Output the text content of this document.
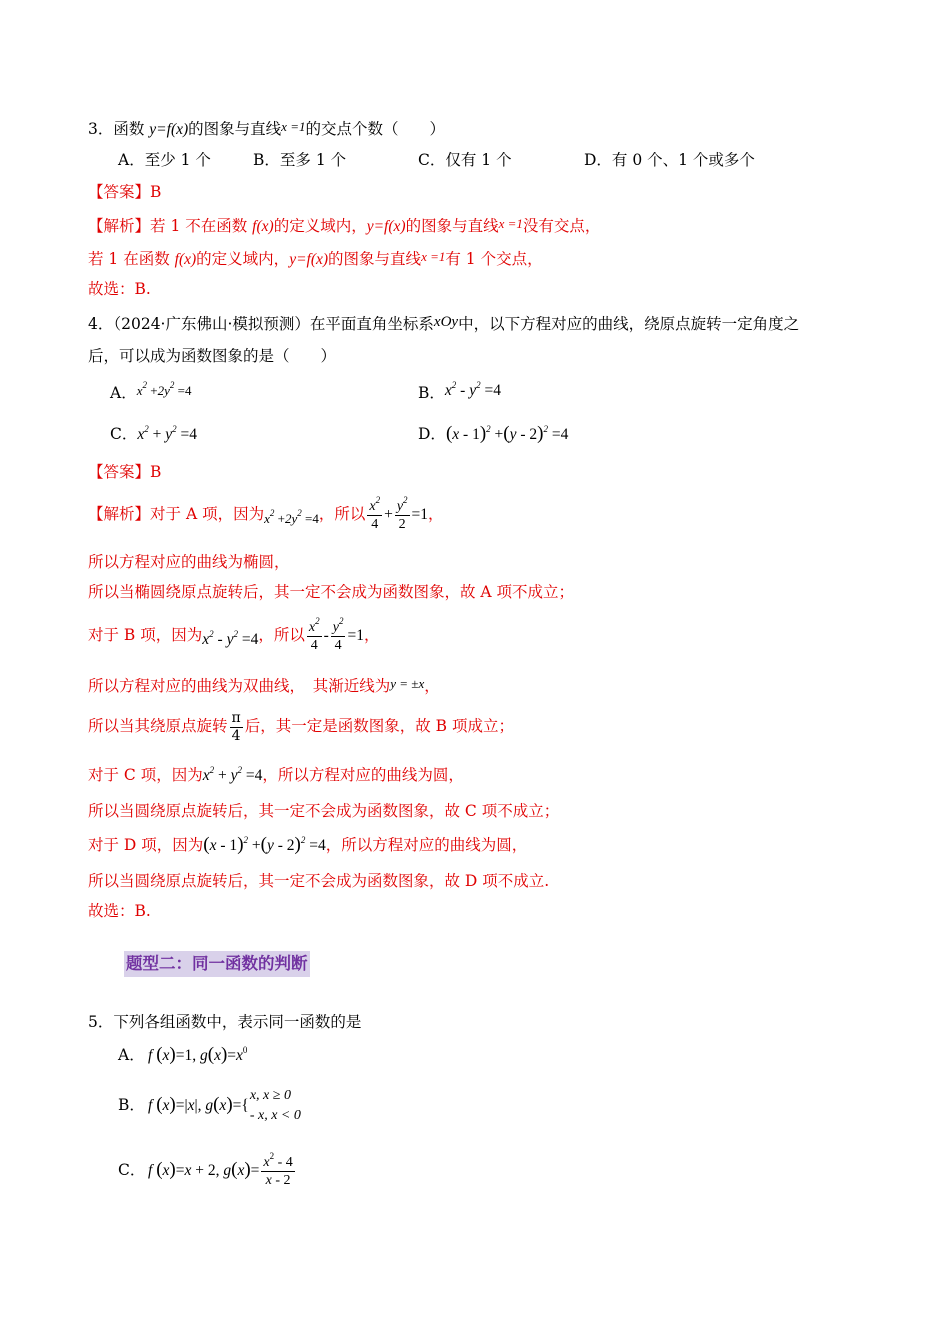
3．函数 y=f(x)的图象与直线x =1的交点个数（　　）
A．至少 1 个	B．至多 1 个	C．仅有 1 个	D．有 0 个、1 个或多个
【答案】B
【解析】若 1 不在函数 f(x)的定义域内，y=f(x)的图象与直线x =1没有交点，
若 1 在函数 f(x)的定义域内，y=f(x)的图象与直线x =1有 1 个交点，
故选：B.
4．（2024·广东佛山·模拟预测）在平面直角坐标系xOy中，以下方程对应的曲线，绕原点旋转一定角度之
后，可以成为函数图象的是（　　）
A．$x^2 +2y^2 =4$	B．$x^2 - y^2 =4$
C．$x^2 + y^2 =4$	D．(x - 1)$^2$ +(y - 2)$^2$ =4
【答案】B
【解析】对于 A 项，因为$_{x^2 +2y^2 =4}$，所以 $\frac{x^2}{4} + \frac{y^2}{2} =1$，
所以方程对应的曲线为椭圆，
所以当椭圆绕原点旋转后，其一定不会成为函数图象，故 A 项不成立；
对于 B 项，因为$x^2 - y^2 =4$，所以 $\frac{x^2}{4} - \frac{y^2}{4} =1$，
所以方程对应的曲线为双曲线，　其渐近线为y = ±x，
所以当其绕原点旋转 $\frac{\pi}{4}$ 后，其一定是函数图象，故 B 项成立；
对于 C 项，因为$x^2 + y^2 =4$，所以方程对应的曲线为圆，
所以当圆绕原点旋转后，其一定不会成为函数图象，故 C 项不成立；
对于 D 项，因为(x - 1)$^2$ +(y - 2)$^2$ =4，所以方程对应的曲线为圆，
所以当圆绕原点旋转后，其一定不会成为函数图象，故 D 项不成立.
故选：B.
题型二：同一函数的判断
5．下列各组函数中，表示同一函数的是
A． f (x)=1, $g(x)=x^0$
B． f (x)=|x|, g(x)={
x, x ≥ 0
- x, x < 0
C． f (x)=x + 2, $g(x)= \frac{x^2 - 4}{x - 2}$
